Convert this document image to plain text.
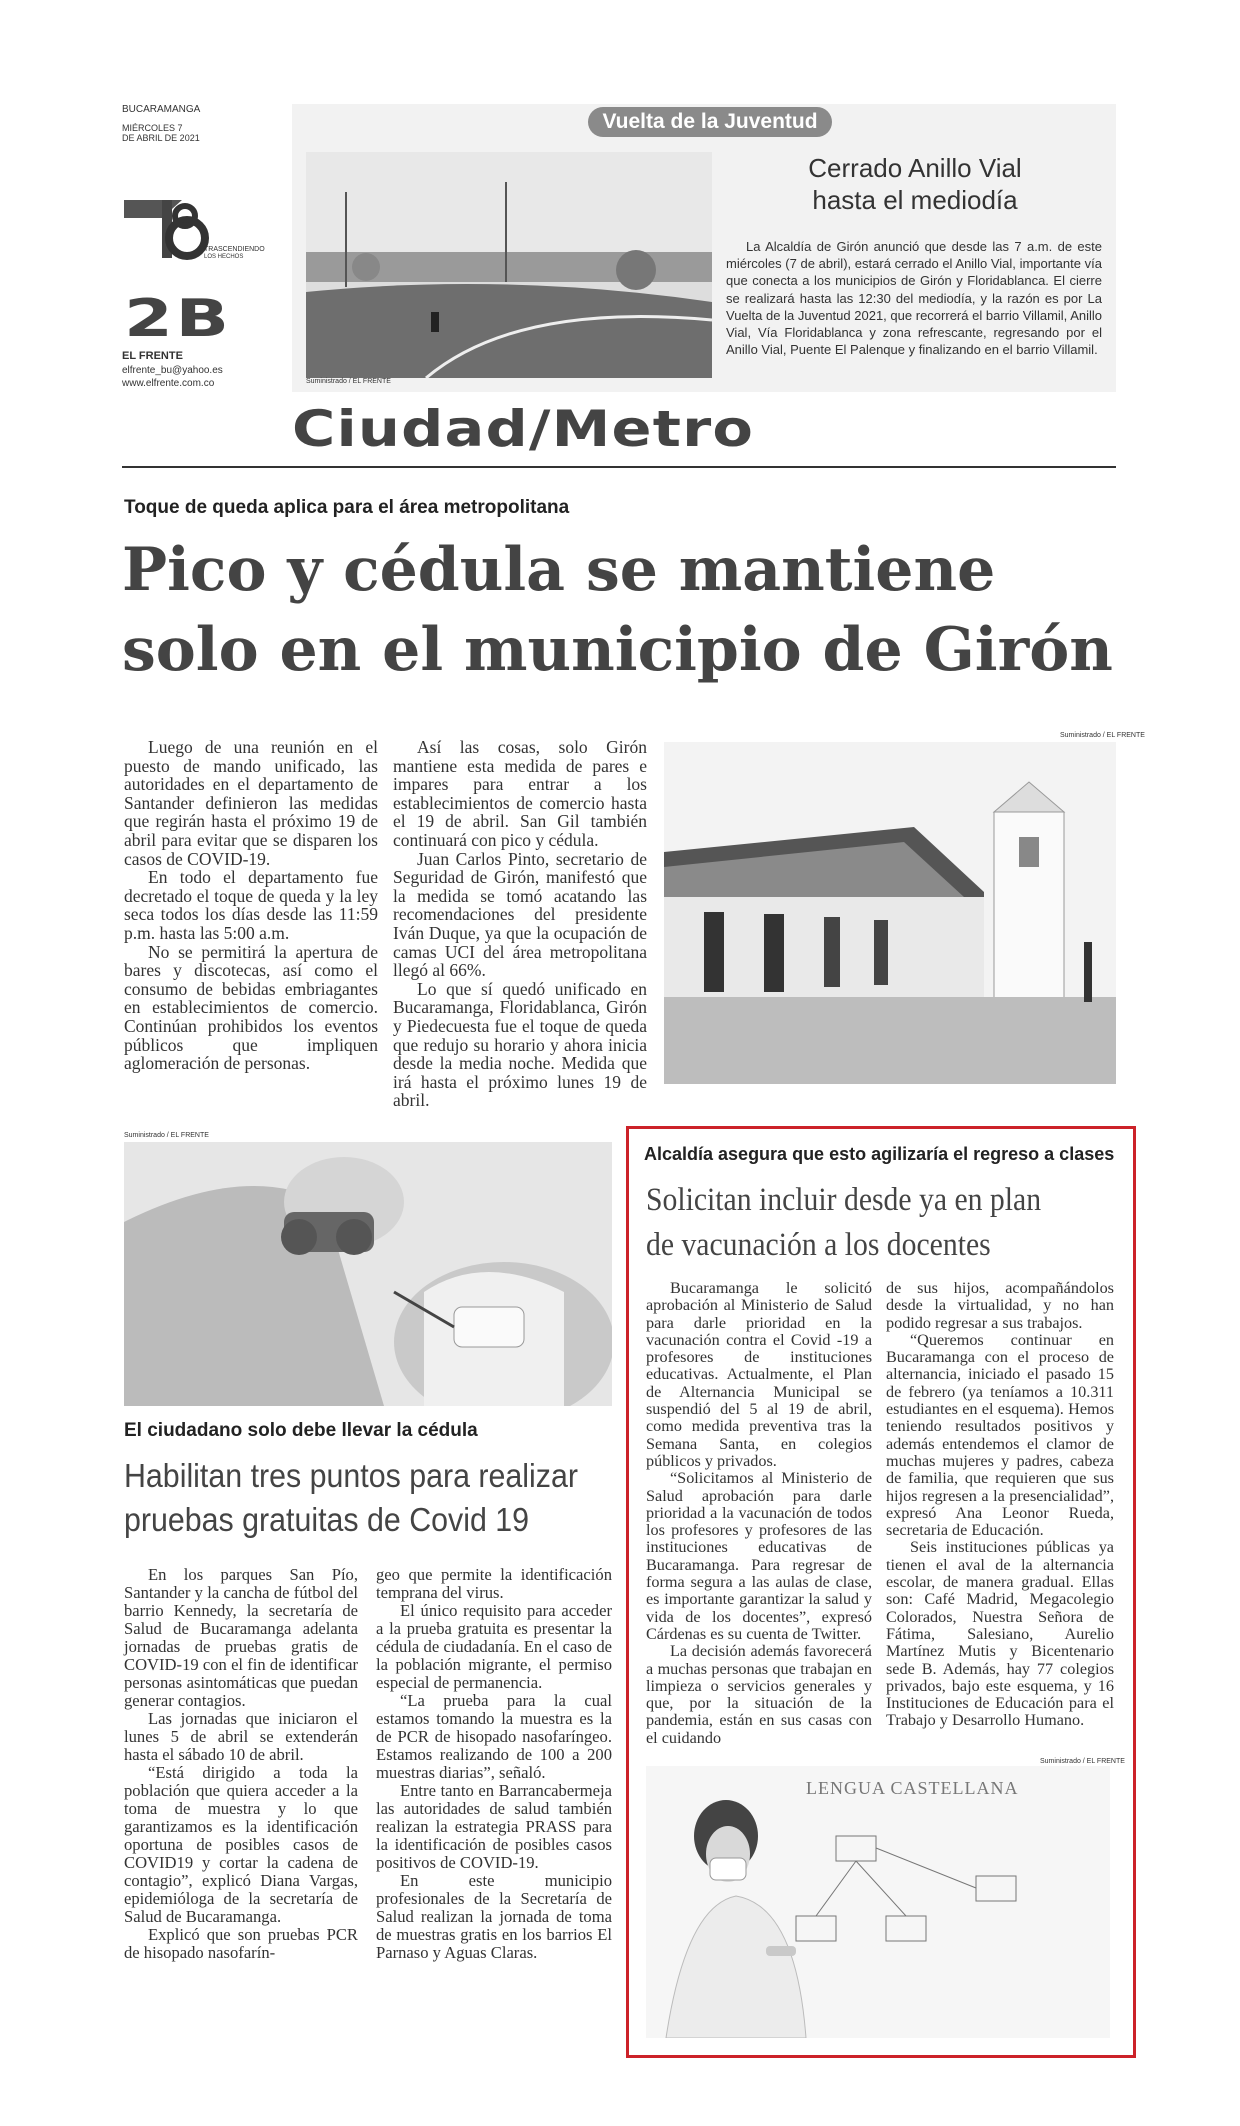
BUCARAMANGA
MIÉRCOLES 7
DE ABRIL DE 2021
TRASCENDIENDO
LOS HECHOS
2B
EL FRENTE
elfrente_bu@yahoo.es
www.elfrente.com.co
Vuelta de la Juventud
Suministrado / EL FRENTE
Cerrado Anillo Vial
hasta el mediodía
La Alcaldía de Girón anunció que desde las 7 a.m. de este miércoles (7 de abril), estará cerrado el Anillo Vial, importante vía que conecta a los municipios de Girón y Floridablanca. El cierre se realizará hasta las 12:30 del mediodía, y la razón es por La Vuelta de la Juventud 2021, que recorrerá el barrio Villamil, Anillo Vial, Vía Floridablanca y zona refrescante, regresando por el Anillo Vial, Puente El Palenque y finalizando en el barrio Villamil.
Ciudad/Metro
Toque de queda aplica para el área metropolitana
Pico y cédula se mantiene
solo en el municipio de Girón

Luego de una reunión en el puesto de mando unificado, las autoridades en el departamento de Santander definieron las medidas que regirán hasta el próximo 19 de abril para evitar que se disparen los casos de COVID-19.

En todo el departamento fue decretado el toque de queda y la ley seca todos los días desde las 11:59 p.m. hasta las 5:00 a.m.

No se permitirá la apertura de bares y discotecas, así como el consumo de bebidas embriagantes en establecimientos de comercio. Continúan prohibidos los eventos públicos que impliquen aglomeración de personas.

Así las cosas, solo Girón mantiene esta medida de pares e impares para entrar a los establecimientos de comercio hasta el 19 de abril. San Gil también continuará con pico y cédula.

Juan Carlos Pinto, secretario de Seguridad de Girón, manifestó que la medida se tomó acatando las recomendaciones del presidente Iván Duque, ya que la ocupación de camas UCI del área metropolitana llegó al 66%.

Lo que sí quedó unificado en Bucaramanga, Floridablanca, Girón y Piedecuesta fue el toque de queda que redujo su horario y ahora inicia desde la media noche. Medida que irá hasta el próximo lunes 19 de abril.

Suministrado / EL FRENTE
Suministrado / EL FRENTE
El ciudadano solo debe llevar la cédula
Habilitan tres puntos para realizar
pruebas gratuitas de Covid 19

En los parques San Pío, Santander y la cancha de fútbol del barrio Kennedy, la secretaría de Salud de Bucaramanga adelanta jornadas de pruebas gratis de COVID-19 con el fin de identificar personas asintomáticas que puedan generar contagios.

Las jornadas que iniciaron el lunes 5 de abril se extenderán hasta el sábado 10 de abril.

“Está dirigido a toda la población que quiera acceder a la toma de muestra y lo que garantizamos es la identificación oportuna de posibles casos de COVID19 y cortar la cadena de contagio”, explicó Diana Vargas, epidemióloga de la secretaría de Salud de Bucaramanga.

Explicó que son pruebas PCR de hisopado nasofarín-

geo que permite la identificación temprana del virus.

El único requisito para acceder a la prueba gratuita es presentar la cédula de ciudadanía. En el caso de la población migrante, el permiso especial de permanencia.

“La prueba para la cual estamos tomando la muestra es la de PCR de hisopado nasofaríngeo. Estamos realizando de 100 a 200 muestras diarias”, señaló.

Entre tanto en Barrancabermeja las autoridades de salud también realizan la estrategia PRASS para la identificación de posibles casos positivos de COVID-19.

En este municipio profesionales de la Secretaría de Salud realizan la jornada de toma de muestras gratis en los barrios El Parnaso y Aguas Claras.

Alcaldía asegura que esto agilizaría el regreso a clases
Solicitan incluir desde ya en plan
de vacunación a los docentes

Bucaramanga le solicitó aprobación al Ministerio de Salud para darle prioridad en la vacunación contra el Covid -19 a profesores de instituciones educativas. Actualmente, el Plan de Alternancia Municipal se suspendió del 5 al 19 de abril, como medida preventiva tras la Semana Santa, en colegios públicos y privados.

“Solicitamos al Ministerio de Salud aprobación para darle prioridad a la vacunación de todos los profesores y profesores de las instituciones educativas de Bucaramanga. Para regresar de forma segura a las aulas de clase, es importante garantizar la salud y vida de los docentes”, expresó Cárdenas es su cuenta de Twitter.

La decisión además favorecerá a muchas personas que trabajan en limpieza o servicios generales y que, por la situación de la pandemia, están en sus casas con el cuidando

de sus hijos, acompañándolos desde la virtualidad, y no han podido regresar a sus trabajos.

“Queremos continuar en Bucaramanga con el proceso de alternancia, iniciado el pasado 15 de febrero (ya teníamos a 10.311 estudiantes en el esquema). Hemos teniendo resultados positivos y además entendemos el clamor de muchas mujeres y padres, cabeza de familia, que requieren que sus hijos regresen a la presencialidad”, expresó Ana Leonor Rueda, secretaria de Educación.

Seis instituciones públicas ya tienen el aval de la alternancia escolar, de manera gradual. Ellas son: Café Madrid, Megacolegio Colorados, Nuestra Señora de Fátima, Salesiano, Aurelio Martínez Mutis y Bicentenario sede B. Además, hay 77 colegios privados, bajo este esquema, y 16 Instituciones de Educación para el Trabajo y Desarrollo Humano.

Suministrado / EL FRENTE
LENGUA CASTELLANA
